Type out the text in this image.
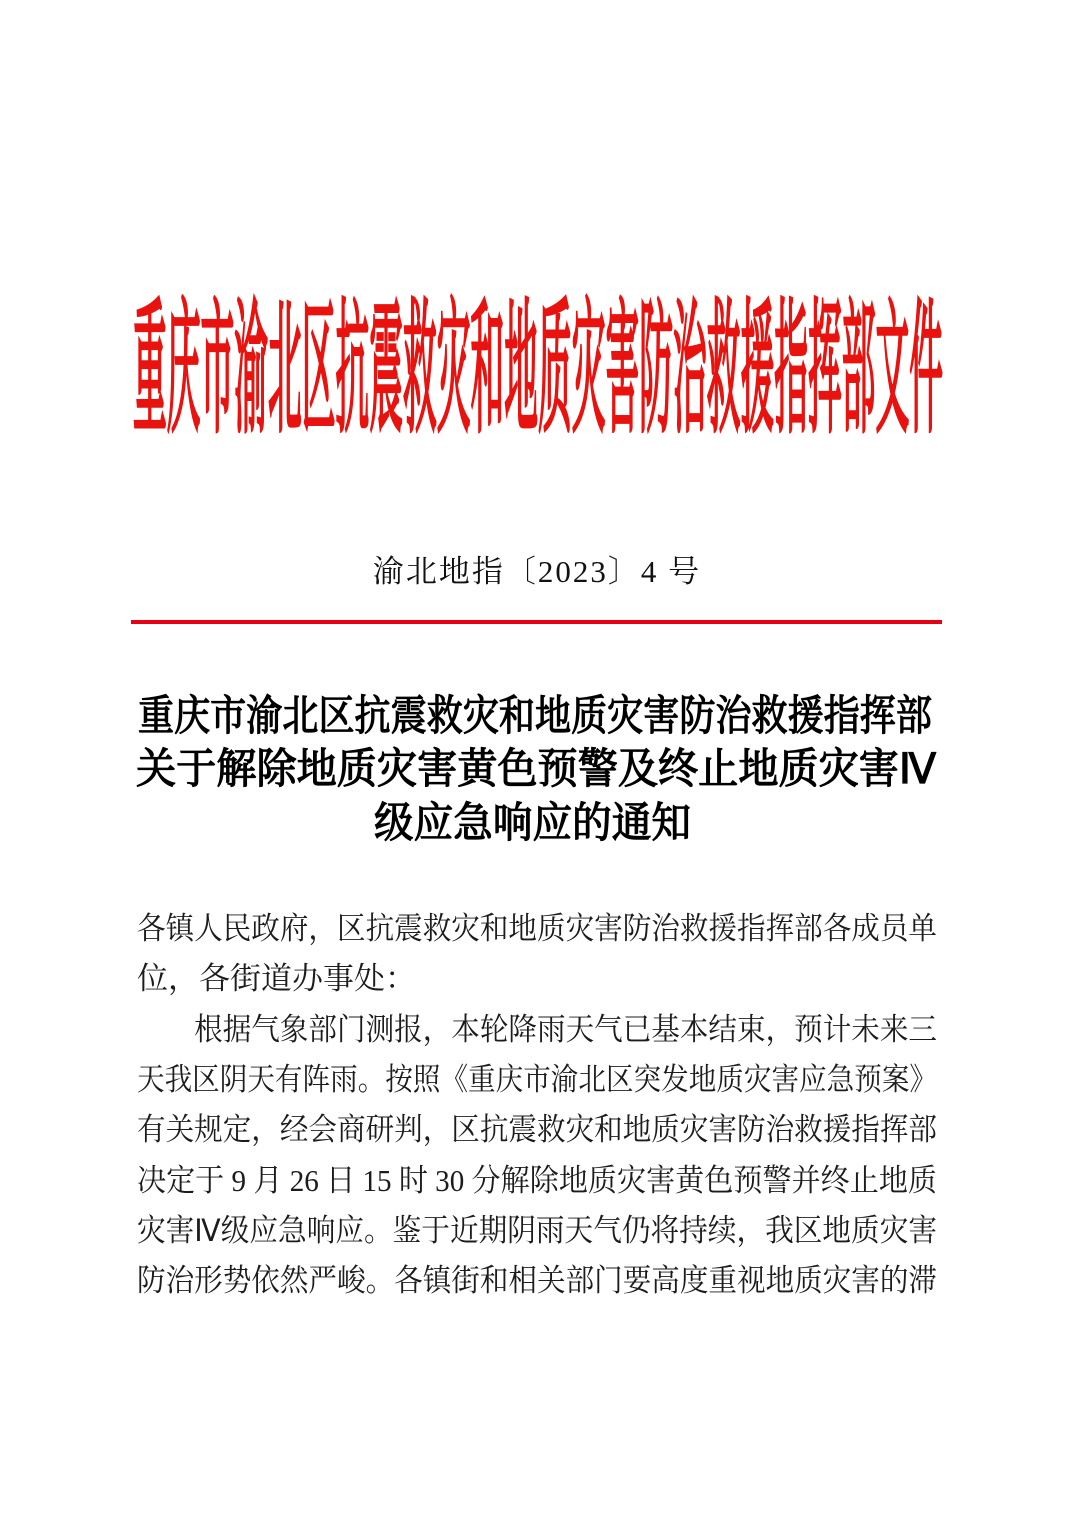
重庆市渝北区抗震救灾和地质灾害防治救援指挥部文件
渝北地指〔2023〕4 号
重庆市渝北区抗震救灾和地质灾害防治救援指挥部
关于解除地质灾害黄色预警及终止地质灾害Ⅳ
级应急响应的通知
各镇人民政府，区抗震救灾和地质灾害防治救援指挥部各成员单
位，各街道办事处：
　　根据气象部门测报，本轮降雨天气已基本结束，预计未来三
天我区阴天有阵雨。按照《重庆市渝北区突发地质灾害应急预案》
有关规定，经会商研判，区抗震救灾和地质灾害防治救援指挥部
决定于 9 月 26 日 15 时 30 分解除地质灾害黄色预警并终止地质
灾害Ⅳ级应急响应。鉴于近期阴雨天气仍将持续，我区地质灾害
防治形势依然严峻。各镇街和相关部门要高度重视地质灾害的滞
